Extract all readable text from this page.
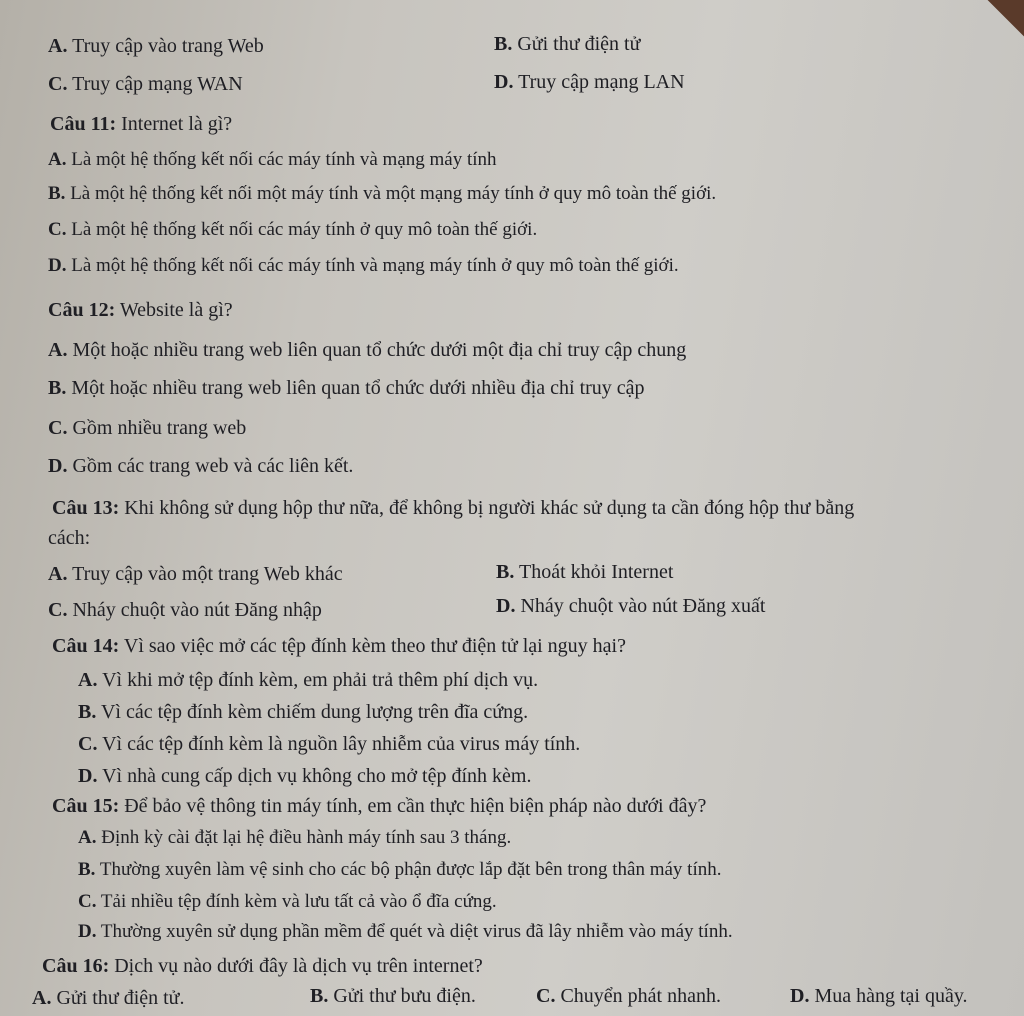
A. Truy cập vào trang Web	B. Gửi thư điện tử
C. Truy cập mạng WAN	D. Truy cập mạng LAN
Câu 11: Internet là gì?
A. Là một hệ thống kết nối các máy tính và mạng máy tính
B. Là một hệ thống kết nối một máy tính và một mạng máy tính ở quy mô toàn thế giới.
C. Là một hệ thống kết nối các máy tính ở quy mô toàn thế giới.
D. Là một hệ thống kết nối các máy tính và mạng máy tính ở quy mô toàn thế giới.
Câu 12: Website là gì?
A. Một hoặc nhiều trang web liên quan tổ chức dưới một địa chỉ truy cập chung
B. Một hoặc nhiều trang web liên quan tổ chức dưới nhiều địa chỉ truy cập
C. Gồm nhiều trang web
D. Gồm các trang web và các liên kết.
Câu 13: Khi không sử dụng hộp thư nữa, để không bị người khác sử dụng ta cần đóng hộp thư bằng
cách:
A. Truy cập vào một trang Web khác	B. Thoát khỏi Internet
C. Nháy chuột vào nút Đăng nhập	D. Nháy chuột vào nút Đăng xuất
Câu 14: Vì sao việc mở các tệp đính kèm theo thư điện tử lại nguy hại?
A. Vì khi mở tệp đính kèm, em phải trả thêm phí dịch vụ.
B. Vì các tệp đính kèm chiếm dung lượng trên đĩa cứng.
C. Vì các tệp đính kèm là nguồn lây nhiễm của virus máy tính.
D. Vì nhà cung cấp dịch vụ không cho mở tệp đính kèm.
Câu 15: Để bảo vệ thông tin máy tính, em cần thực hiện biện pháp nào dưới đây?
A. Định kỳ cài đặt lại hệ điều hành máy tính sau 3 tháng.
B. Thường xuyên làm vệ sinh cho các bộ phận được lắp đặt bên trong thân máy tính.
C. Tải nhiều tệp đính kèm và lưu tất cả vào ổ đĩa cứng.
D. Thường xuyên sử dụng phần mềm để quét và diệt virus đã lây nhiễm vào máy tính.
Câu 16: Dịch vụ nào dưới đây là dịch vụ trên internet?
A. Gửi thư điện tử.	B. Gửi thư bưu điện.	C. Chuyển phát nhanh.	D. Mua hàng tại quầy.
